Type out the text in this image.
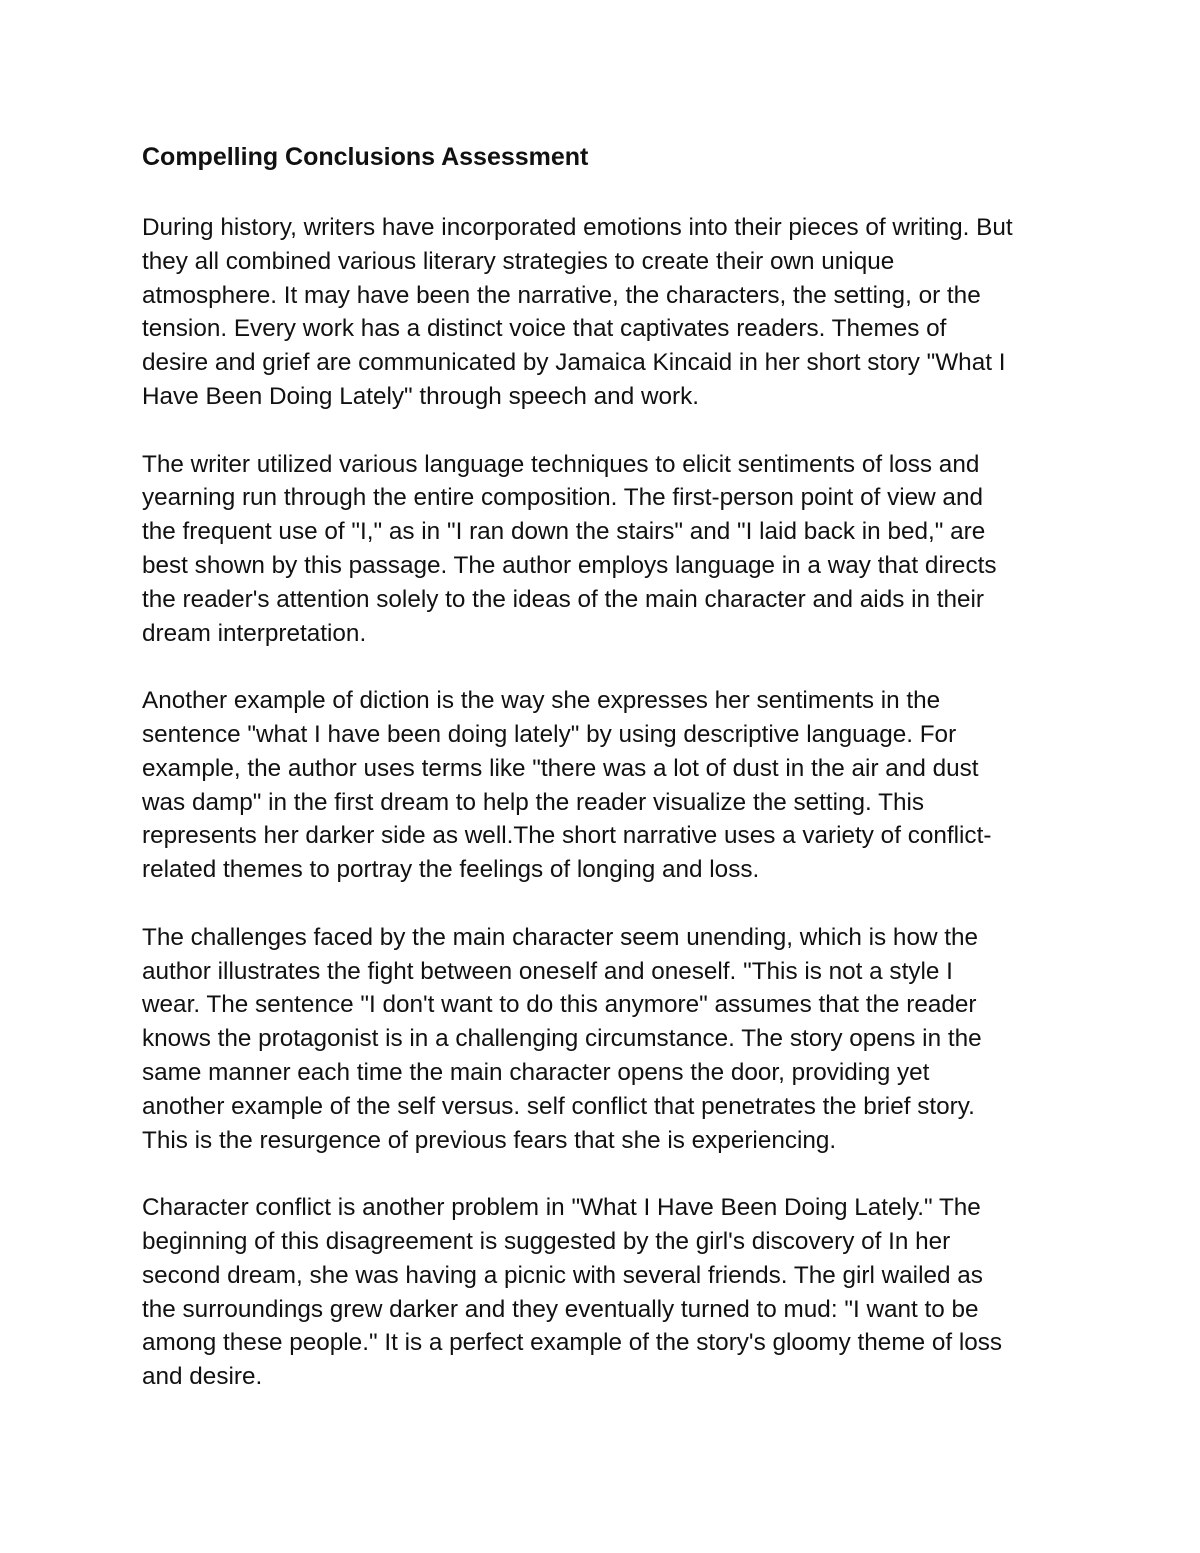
Compelling Conclusions Assessment

During history, writers have incorporated emotions into their pieces of writing. But
they all combined various literary strategies to create their own unique
atmosphere. It may have been the narrative, the characters, the setting, or the
tension. Every work has a distinct voice that captivates readers. Themes of
desire and grief are communicated by Jamaica Kincaid in her short story "What I
Have Been Doing Lately" through speech and work.

The writer utilized various language techniques to elicit sentiments of loss and
yearning run through the entire composition. The first-person point of view and
the frequent use of "I," as in "I ran down the stairs" and "I laid back in bed," are
best shown by this passage. The author employs language in a way that directs
the reader's attention solely to the ideas of the main character and aids in their
dream interpretation.

Another example of diction is the way she expresses her sentiments in the
sentence "what I have been doing lately" by using descriptive language. For
example, the author uses terms like "there was a lot of dust in the air and dust
was damp" in the first dream to help the reader visualize the setting. This
represents her darker side as well.The short narrative uses a variety of conflict-
related themes to portray the feelings of longing and loss.

The challenges faced by the main character seem unending, which is how the
author illustrates the fight between oneself and oneself. "This is not a style I
wear. The sentence "I don't want to do this anymore" assumes that the reader
knows the protagonist is in a challenging circumstance. The story opens in the
same manner each time the main character opens the door, providing yet
another example of the self versus. self conflict that penetrates the brief story.
This is the resurgence of previous fears that she is experiencing.

Character conflict is another problem in "What I Have Been Doing Lately." The
beginning of this disagreement is suggested by the girl's discovery of In her
second dream, she was having a picnic with several friends. The girl wailed as
the surroundings grew darker and they eventually turned to mud: "I want to be
among these people." It is a perfect example of the story's gloomy theme of loss
and desire.
